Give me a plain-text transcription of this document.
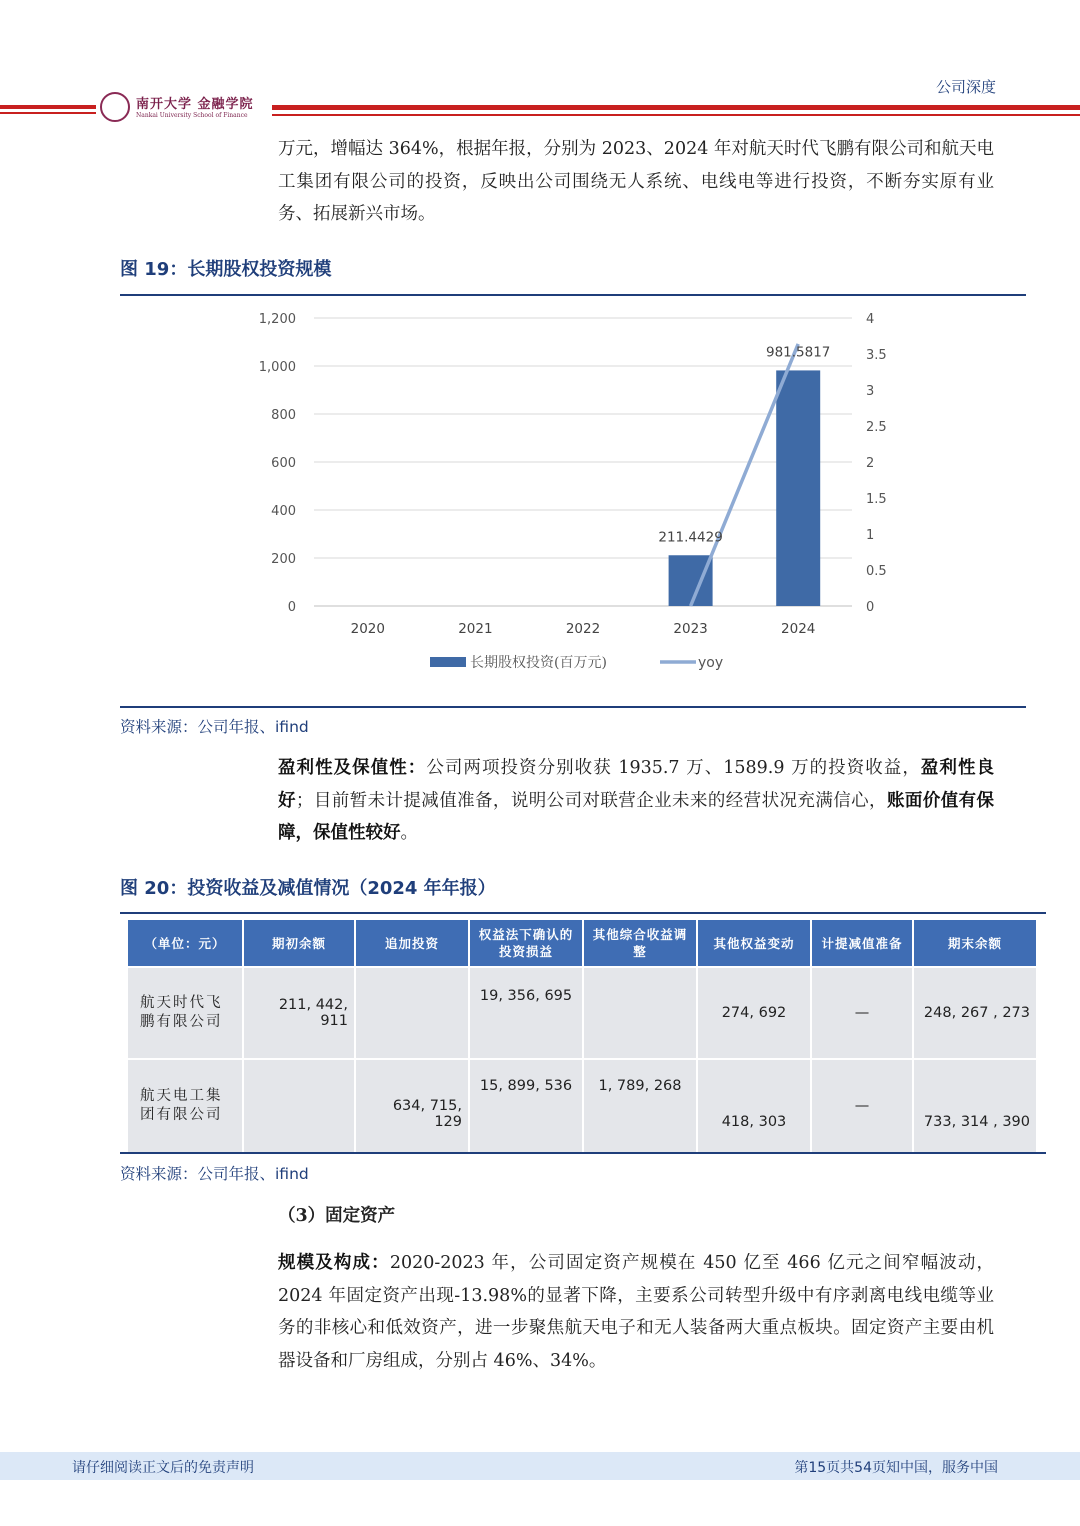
公司深度
南开大学 金融学院
Nankai University School of Finance
万元，增幅达 364%，根据年报，分别为 2023、2024 年对航天时代飞鹏有限公司和航天电工集团有限公司的投资，反映出公司围绕无人系统、电线电等进行投资，不断夯实原有业务、拓展新兴市场。
图 19：长期股权投资规模
0
200
400
600
800
1,000
1,200
0
0.5
1
1.5
2
2.5
3
3.5
4
2020	2021	2022	2023	2024
211.4429
981.5817
长期股权投资(百万元)	yoy
资料来源：公司年报、ifind
盈利性及保值性：公司两项投资分别收获 1935.7 万、1589.9 万的投资收益，盈利性良好；目前暂未计提减值准备，说明公司对联营企业未来的经营状况充满信心，账面价值有保障，保值性较好。
图 20：投资收益及减值情况（2024 年年报）
（单位：元）	期初余额	追加投资	权益法下确认的投资损益	其他综合收益调整	其他权益变动	计提减值准备	期末余额
航天时代飞鹏有限公司	211, 442, 911		19, 356, 695		274, 692	—	248, 267 , 273
航天电工集团有限公司		634, 715, 129	15, 899, 536	1, 789, 268	418, 303	—	733, 314 , 390
资料来源：公司年报、ifind
（3）固定资产
规模及构成：2020-2023 年，公司固定资产规模在 450 亿至 466 亿元之间窄幅波动，2024 年固定资产出现-13.98%的显著下降，主要系公司转型升级中有序剥离电线电缆等业务的非核心和低效资产，进一步聚焦航天电子和无人装备两大重点板块。固定资产主要由机器设备和厂房组成，分别占 46%、34%。
请仔细阅读正文后的免责声明	第15页共54页知中国，服务中国
